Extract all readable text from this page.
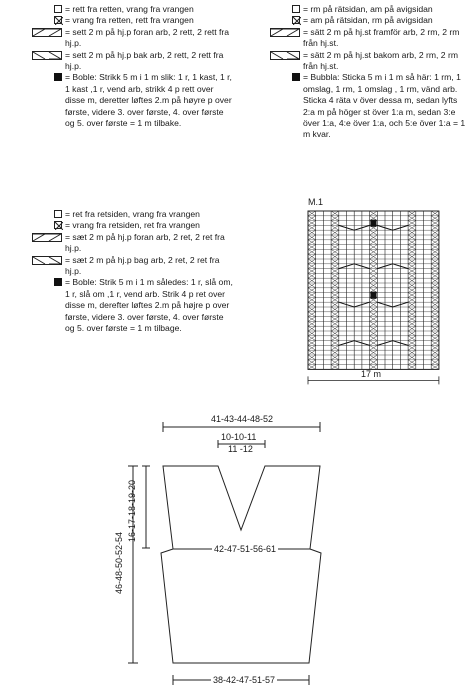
= rett fra retten, vrang fra vrangen
= vrang fra retten, rett fra vrangen
= sett 2 m på hj.p foran arb, 2 rett, 2 rett fra hj.p.
= sett 2 m på hj.p bak arb, 2 rett, 2 rett fra hj.p.
= Boble: Strikk 5 m i 1 m slik: 1 r, 1 kast, 1 r, 1 kast ,1 r, vend arb, strikk 4 p rett over disse m, deretter løftes 2.m på høyre p over første, videre 3. over første, 4. over første og 5. over første = 1 m tilbake.
= rm på rätsidan, am på avigsidan
= am på rätsidan, rm på avigsidan
= sätt 2 m på hj.st framför arb, 2 rm, 2 rm från hj.st.
= sätt 2 m på hj.st bakom arb, 2 rm, 2 rm från hj.st.
= Bubbla: Sticka 5 m i 1 m så här: 1 rm, 1 omslag, 1 rm, 1 omslag , 1 rm, vänd arb. Sticka 4 räta v över dessa m, sedan lyfts 2:a m på höger st över 1:a m, sedan 3:e över 1:a, 4:e över 1:a, och 5:e över 1:a = 1 m kvar.
= ret fra retsiden, vrang fra vrangen
= vrang fra retsiden, ret fra vrangen
= sæt 2 m på hj.p foran arb, 2 ret, 2 ret fra hj.p.
= sæt 2 m på hj.p bag arb, 2 ret, 2 ret fra hj.p.
= Boble: Strik 5 m i 1 m således: 1 r, slå om, 1 r, slå om ,1 r, vend arb. Strik 4 p ret over disse m, derefter løftes 2.m på højre p over første, videre 3. over første, 4. over første og 5. over første = 1 m tilbage.
M.1
17 m
41-43-44-48-52
10-10-11
11 -12
42-47-51-56-61
38-42-47-51-57
46-48-50-52-54
16-17-18-19-20
